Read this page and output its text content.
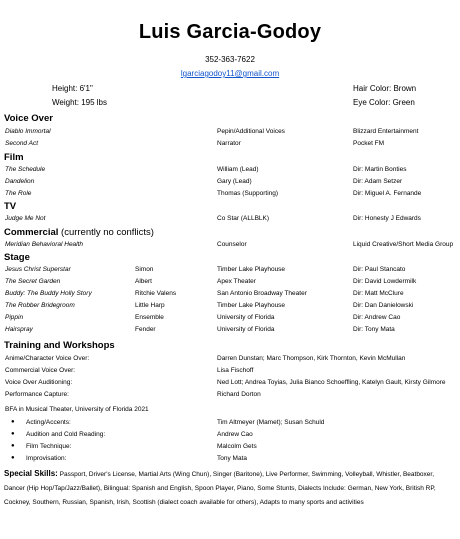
Luis Garcia-Godoy
352-363-7622
lgarciagodoy11@gmail.com
Height: 6'1"
Weight: 195 lbs
Hair Color: Brown
Eye Color: Green
Voice Over
Diablo Immortal	Pepin/Additional Voices	Blizzard Entertainment
Second Act	Narrator	Pocket FM
Film
The Schedule	William (Lead)	Dir: Martin Bonties
Dandelion	Gary (Lead)	Dir: Adam Setzer
The Role	Thomas (Supporting)	Dir: Miguel A. Fernande
TV
Judge Me Not	Co Star (ALLBLK)	Dir: Honesty J Edwards
Commercial (currently no conflicts)
Meridian Behavioral Health	Counselor	Liquid Creative/Short Media Group
Stage
Jesus Christ Superstar	Simon	Timber Lake Playhouse	Dir: Paul Stancato
The Secret Garden	Albert	Apex Theater	Dir: David Lowdermilk
Buddy: The Buddy Holly Story	Ritchie Valens	San Antonio Broadway Theater	Dir: Matt McClure
The Robber Bridegroom	Little Harp	Timber Lake Playhouse	Dir: Dan Danielowski
Pippin	Ensemble	University of Florida	Dir: Andrew Cao
Hairspray	Fender	University of Florida	Dir: Tony Mata
Training and Workshops
Anime/Character Voice Over:	Darren Dunstan; Marc Thompson, Kirk Thornton, Kevin McMullan
Commercial Voice Over:	Lisa Fischoff
Voice Over Auditioning:	Ned Lott; Andrea Toyias, Julia Bianco Schoeffling, Katelyn Gault, Kirsty Gilmore
Performance Capture:	Richard Dorton
BFA in Musical Theater, University of Florida 2021
● Acting/Accents:	Tim Altmeyer (Mamet); Susan Schuld
● Audition and Cold Reading:	Andrew Cao
● Film Technique:	Malcolm Gets
● Improvisation:	Tony Mata
Special Skills: Passport, Driver's License, Martial Arts (Wing Chun), Singer (Baritone), Live Performer, Swimming, Volleyball, Whistler, Beatboxer, Dancer (Hip Hop/Tap/Jazz/Ballet), Bilingual: Spanish and English, Spoon Player, Piano, Some Stunts, Dialects Include: German, New York, British RP, Cockney, Southern, Russian, Spanish, Irish, Scottish (dialect coach available for others), Adapts to many sports and activities
